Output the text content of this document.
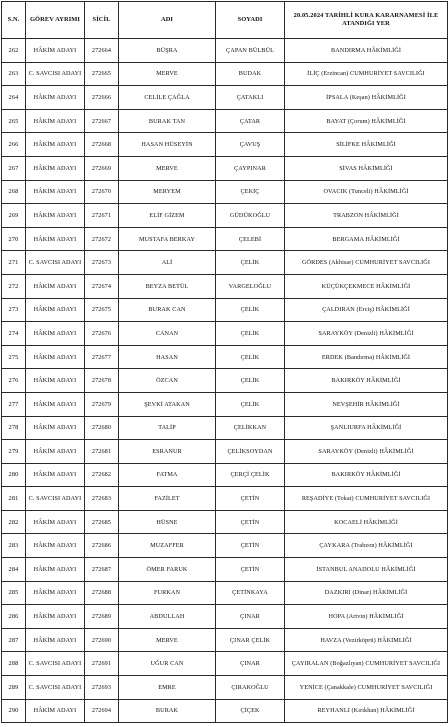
S.N.	GÖREV AYRIMI	SİCİL	ADI	SOYADI	20.05.2024 TARİHLİ KURA KARARNAMESİ İLE ATANDIĞI YER
262	HÂKİM ADAYI	272664	BÜŞRA	ÇAPAN BÜLBÜL	BANDIRMA HÂKİMLİĞİ
263	C. SAVCISI ADAYI	272665	MERVE	BUDAK	İLİÇ (Erzincan) CUMHURİYET SAVCILIĞI
264	HÂKİM ADAYI	272666	CELİLE ÇAĞLA	ÇATAKLI	İPSALA (Keşan) HÂKİMLİĞİ
265	HÂKİM ADAYI	272667	BURAK TAN	ÇATAR	BAYAT (Çorum) HÂKİMLİĞİ
266	HÂKİM ADAYI	272668	HASAN HÜSEYİN	ÇAVUŞ	SİLİFKE HÂKİMLİĞİ
267	HÂKİM ADAYI	272669	MERVE	ÇAYPINAR	SİVAS HÂKİMLİĞİ
268	HÂKİM ADAYI	272670	MERYEM	ÇEKİÇ	OVACIK (Tunceli) HÂKİMLİĞİ
269	HÂKİM ADAYI	272671	ELİF GİZEM	GÜDÜKOĞLU	TRABZON HÂKİMLİĞİ
270	HÂKİM ADAYI	272672	MUSTAFA BERKAY	ÇELEBİ	BERGAMA HÂKİMLİĞİ
271	C. SAVCISI ADAYI	272673	ALİ	ÇELİK	GÖRDES (Akhisar) CUMHURİYET SAVCILIĞI
272	HÂKİM ADAYI	272674	BEYZA BETÜL	VARGELOĞLU	KÜÇÜKÇEKMECE HÂKİMLİĞİ
273	HÂKİM ADAYI	272675	BURAK CAN	ÇELİK	ÇALDIRAN (Erciş) HÂKİMLİĞİ
274	HÂKİM ADAYI	272676	CANAN	ÇELİK	SARAYKÖY (Denizli) HÂKİMLİĞİ
275	HÂKİM ADAYI	272677	HASAN	ÇELİK	ERDEK (Bandırma) HÂKİMLİĞİ
276	HÂKİM ADAYI	272678	ÖZCAN	ÇELİK	BAKIRKÖY HÂKİMLİĞİ
277	HÂKİM ADAYI	272679	ŞEVKİ ATAKAN	ÇELİK	NEVŞEHİR HÂKİMLİĞİ
278	HÂKİM ADAYI	272680	TALİP	ÇELİKKAN	ŞANLIURFA HÂKİMLİĞİ
279	HÂKİM ADAYI	272681	ESRANUR	ÇELİKSOYDAN	SARAYKÖY (Denizli) HÂKİMLİĞİ
280	HÂKİM ADAYI	272682	FATMA	ÇERÇİ ÇELİK	BAKIRKÖY HÂKİMLİĞİ
281	C. SAVCISI ADAYI	272683	FAZİLET	ÇETİN	REŞADİYE (Tokat) CUMHURİYET SAVCILIĞI
282	HÂKİM ADAYI	272685	HÜSNE	ÇETİN	KOCAELİ HÂKİMLİĞİ
283	HÂKİM ADAYI	272686	MUZAFFER	ÇETİN	ÇAYKARA (Trabzon) HÂKİMLİĞİ
284	HÂKİM ADAYI	272687	ÖMER FARUK	ÇETİN	İSTANBUL ANADOLU HÂKİMLİĞİ
285	HÂKİM ADAYI	272688	FURKAN	ÇETİNKAYA	DAZKIRI (Dinar) HÂKİMLİĞİ
286	HÂKİM ADAYI	272689	ABDULLAH	ÇINAR	HOPA (Artvin) HÂKİMLİĞİ
287	HÂKİM ADAYI	272690	MERVE	ÇINAR ÇELİK	HAVZA (Vezirköprü) HÂKİMLİĞİ
288	C. SAVCISI ADAYI	272691	UĞUR CAN	ÇINAR	ÇAYIRALAN (Boğazlıyan) CUMHURİYET SAVCILIĞI
289	C. SAVCISI ADAYI	272693	EMRE	ÇIRAKOĞLU	YENİCE (Çanakkale) CUMHURİYET SAVCILIĞI
290	HÂKİM ADAYI	272694	BURAK	ÇİÇEK	REYHANLI (Kırıkhan) HÂKİMLİĞİ
